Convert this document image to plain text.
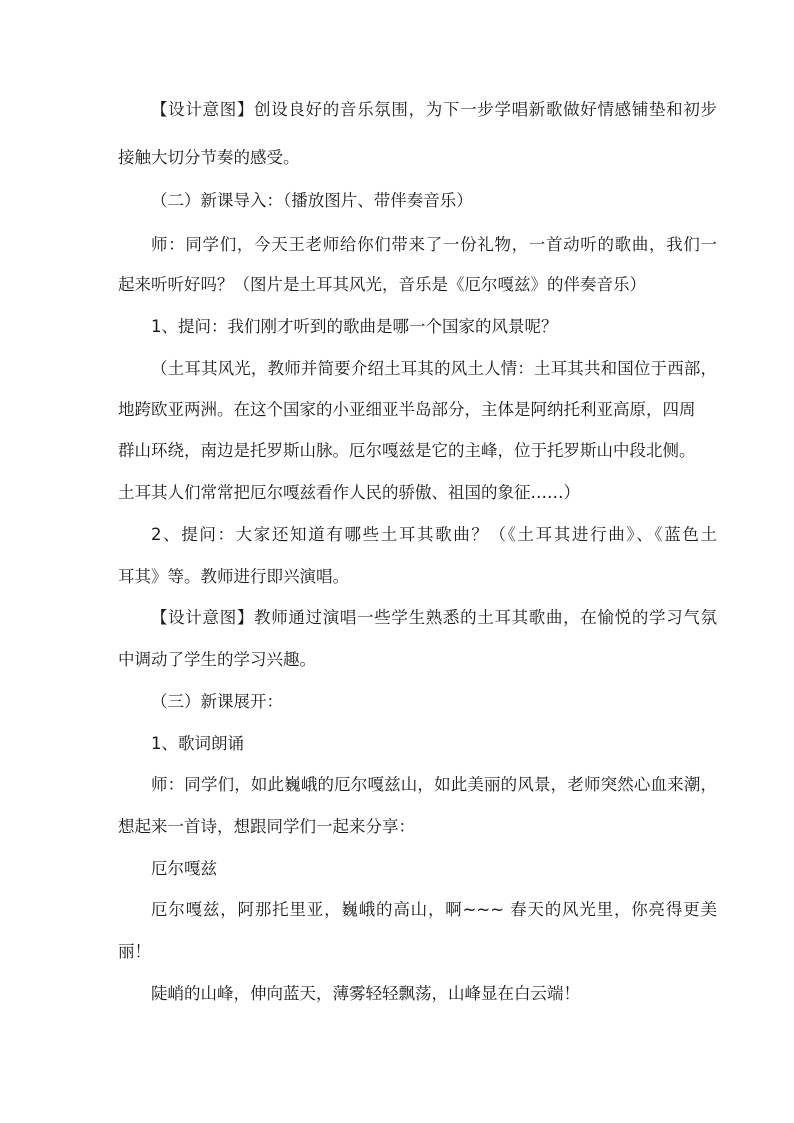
【设计意图】创设良好的音乐氛围，为下一步学唱新歌做好情感铺垫和初步
接触大切分节奏的感受。
（二）新课导入：（播放图片、带伴奏音乐）
师：同学们，今天王老师给你们带来了一份礼物，一首动听的歌曲，我们一
起来听听好吗？（图片是土耳其风光，音乐是《厄尔嘎兹》的伴奏音乐）
1、提问：我们刚才听到的歌曲是哪一个国家的风景呢？
（土耳其风光，教师并简要介绍土耳其的风土人情：土耳其共和国位于西部，
地跨欧亚两洲。在这个国家的小亚细亚半岛部分，主体是阿纳托利亚高原，四周
群山环绕，南边是托罗斯山脉。厄尔嘎兹是它的主峰，位于托罗斯山中段北侧。
土耳其人们常常把厄尔嘎兹看作人民的骄傲、祖国的象征……）
2、提问：大家还知道有哪些土耳其歌曲？（《土耳其进行曲》、《蓝色土
耳其》等。教师进行即兴演唱。
【设计意图】教师通过演唱一些学生熟悉的土耳其歌曲，在愉悦的学习气氛
中调动了学生的学习兴趣。
（三）新课展开：
1、歌词朗诵
师：同学们，如此巍峨的厄尔嘎兹山，如此美丽的风景，老师突然心血来潮，
想起来一首诗，想跟同学们一起来分享：
厄尔嘎兹
厄尔嘎兹，阿那托里亚，巍峨的高山，啊~~~ 春天的风光里，你亮得更美
丽！
陡峭的山峰，伸向蓝天，薄雾轻轻飘荡，山峰显在白云端！
